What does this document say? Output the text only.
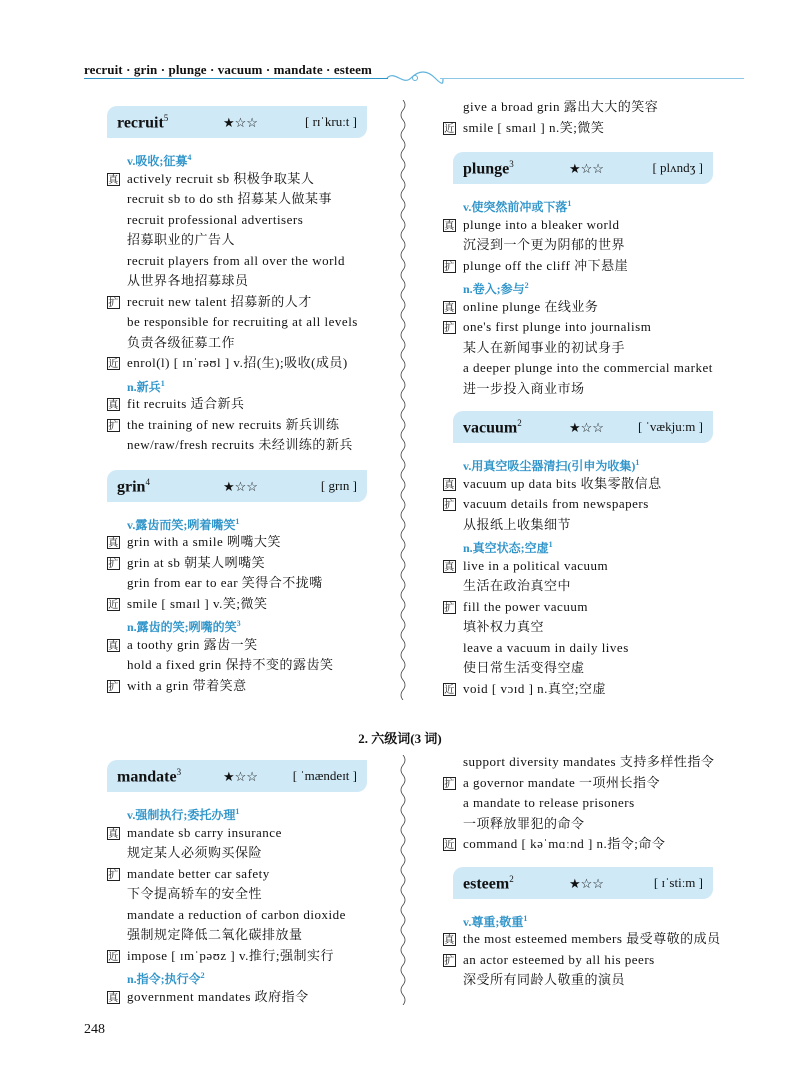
recruit · grin · plunge · vacuum · mandate · esteem
recruit$^5$	★☆☆	[ rɪˈkruːt ]
v.吸收;征募$^4$
真 actively recruit sb 积极争取某人
recruit sb to do sth 招募某人做某事
recruit professional advertisers
招募职业的广告人
recruit players from all over the world
从世界各地招募球员
扩 recruit new talent 招募新的人才
be responsible for recruiting at all levels
负责各级征募工作
近 enrol(l) [ ɪnˈrəʊl ] v.招(生);吸收(成员)
n.新兵$^1$
真 fit recruits 适合新兵
扩 the training of new recruits 新兵训练
new/raw/fresh recruits 未经训练的新兵
grin$^4$	★☆☆	[ grɪn ]
v.露齿而笑;咧着嘴笑$^1$
真 grin with a smile 咧嘴大笑
扩 grin at sb 朝某人咧嘴笑
grin from ear to ear 笑得合不拢嘴
近 smile [ smaɪl ] v.笑;微笑
n.露齿的笑;咧嘴的笑$^3$
真 a toothy grin 露齿一笑
hold a fixed grin 保持不变的露齿笑
扩 with a grin 带着笑意
give a broad grin 露出大大的笑容
近 smile [ smaɪl ] n.笑;微笑
plunge$^3$	★☆☆	[ plʌndʒ ]
v.使突然前冲或下落$^1$
真 plunge into a bleaker world
沉浸到一个更为阴郁的世界
扩 plunge off the cliff 冲下悬崖
n.卷入;参与$^2$
真 online plunge 在线业务
扩 one's first plunge into journalism
某人在新闻事业的初试身手
a deeper plunge into the commercial market
进一步投入商业市场
vacuum$^2$	★☆☆	[ ˈvækjuːm ]
v.用真空吸尘器清扫(引申为收集)$^1$
真 vacuum up data bits 收集零散信息
扩 vacuum details from newspapers
从报纸上收集细节
n.真空状态;空虚$^1$
真 live in a political vacuum
生活在政治真空中
扩 fill the power vacuum
填补权力真空
leave a vacuum in daily lives
使日常生活变得空虚
近 void [ vɔɪd ] n.真空;空虚
2. 六级词(3 词)
mandate$^3$	★☆☆	[ ˈmændeɪt ]
v.强制执行;委托办理$^1$
真 mandate sb carry insurance
规定某人必须购买保险
扩 mandate better car safety
下令提高轿车的安全性
mandate a reduction of carbon dioxide
强制规定降低二氧化碳排放量
近 impose [ ɪmˈpəʊz ] v.推行;强制实行
n.指令;执行令$^2$
真 government mandates 政府指令
support diversity mandates 支持多样性指令
扩 a governor mandate 一项州长指令
a mandate to release prisoners
一项释放罪犯的命令
近 command [ kəˈmɑːnd ] n.指令;命令
esteem$^2$	★☆☆	[ ɪˈstiːm ]
v.尊重;敬重$^1$
真 the most esteemed members 最受尊敬的成员
扩 an actor esteemed by all his peers
深受所有同龄人敬重的演员
248
